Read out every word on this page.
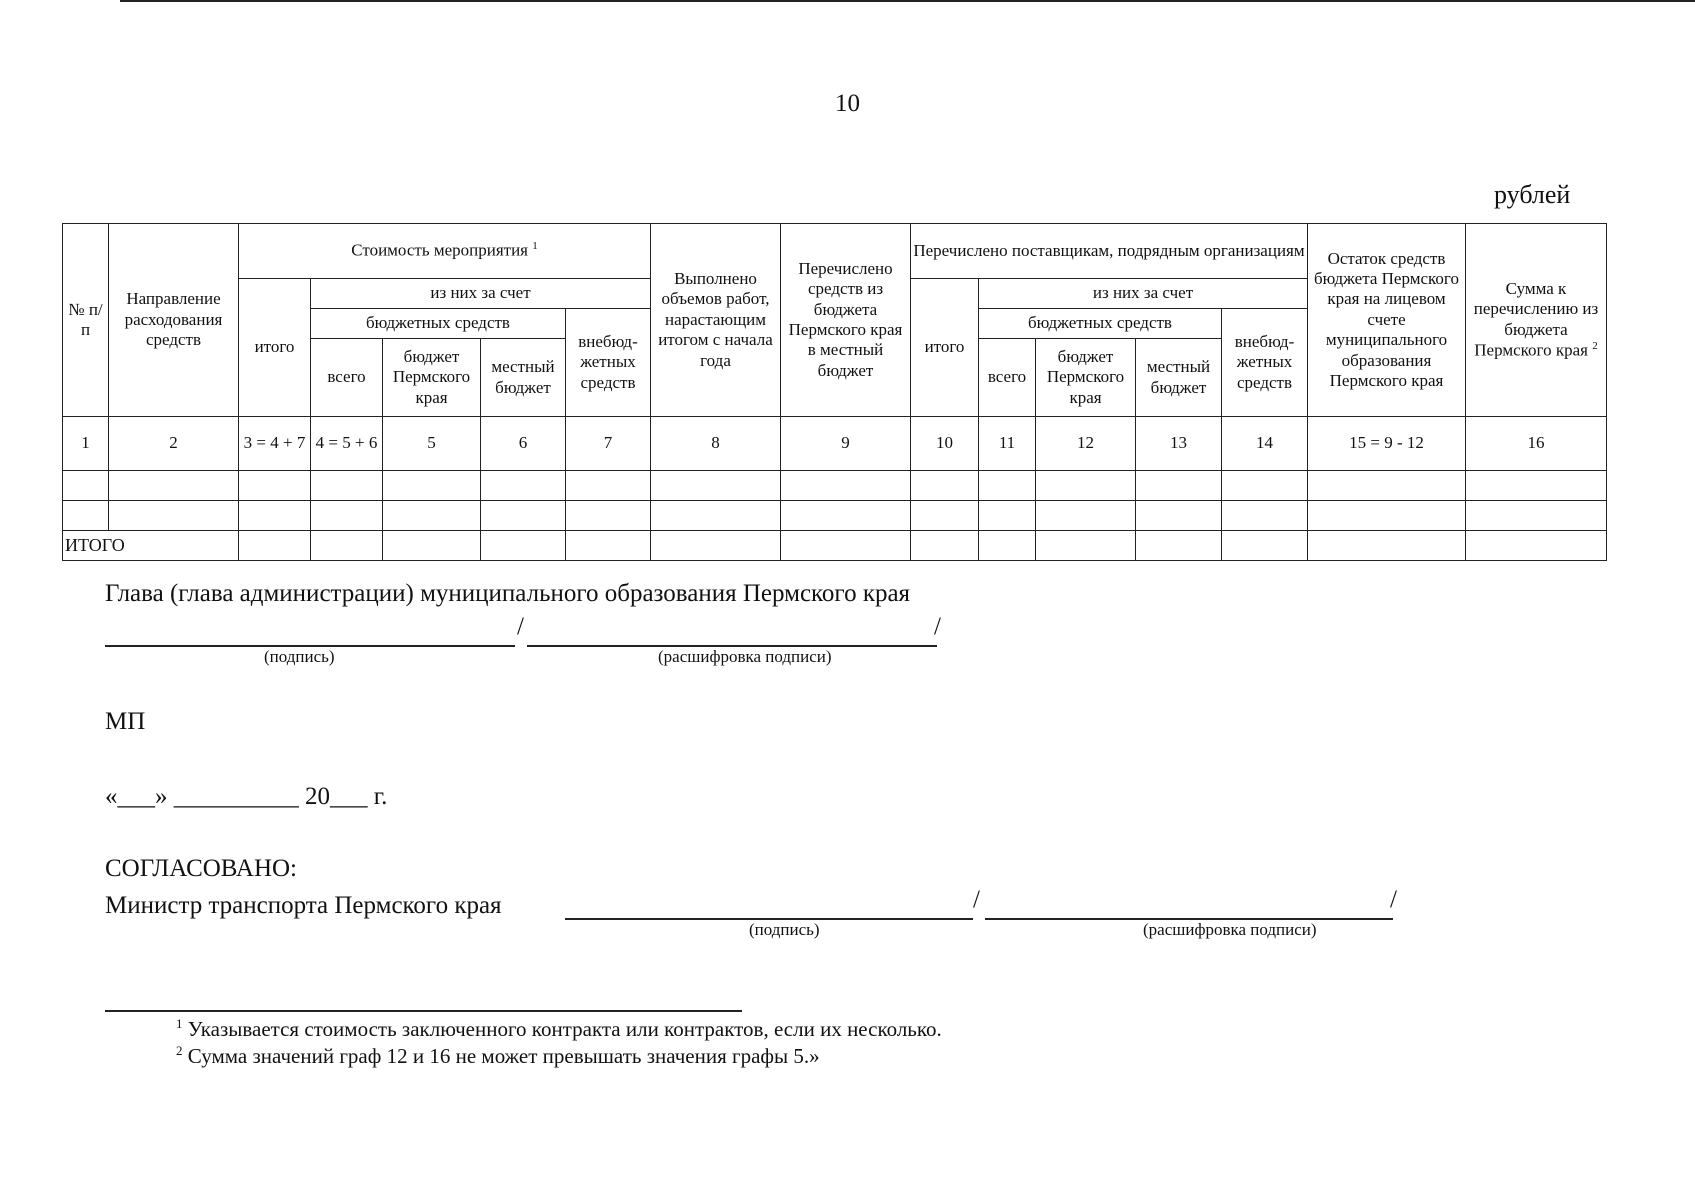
10
рублей
№ п/п	Направление расходования средств	Стоимость мероприятия $^1$					Выполнено объемов работ, нарастающим итогом с начала года	Перечислено средств из бюджета Пермского края в местный бюджет	Перечислено поставщикам, подрядным организациям					Остаток средств бюджета Пермского края на лицевом счете муниципального образования Пермского края	Сумма к перечислению из бюджета Пермского края $^2$
		итого	из них за счет						итого	из них за счет					
			бюджетных средств			внебюд-жетных средств				бюджетных средств			внебюд-жетных средств		
			всего	бюджет Пермского края	местный бюджет					всего	бюджет Пермского края	местный бюджет			
1	2	3 = 4 + 7	4 = 5 + 6	5	6	7	8	9	10	11	12	13	14	15 = 9 - 12	16

ИТОГО															
Глава (глава администрации) муниципального образования Пермского края
/	/
(подпись)	(расшифровка подписи)
МП
«___» __________ 20___ г.
СОГЛАСОВАНО:
Министр транспорта Пермского края	/	/
(подпись)	(расшифровка подписи)
$^1$ Указывается стоимость заключенного контракта или контрактов, если их несколько.
$^2$ Сумма значений граф 12 и 16 не может превышать значения графы 5.»
